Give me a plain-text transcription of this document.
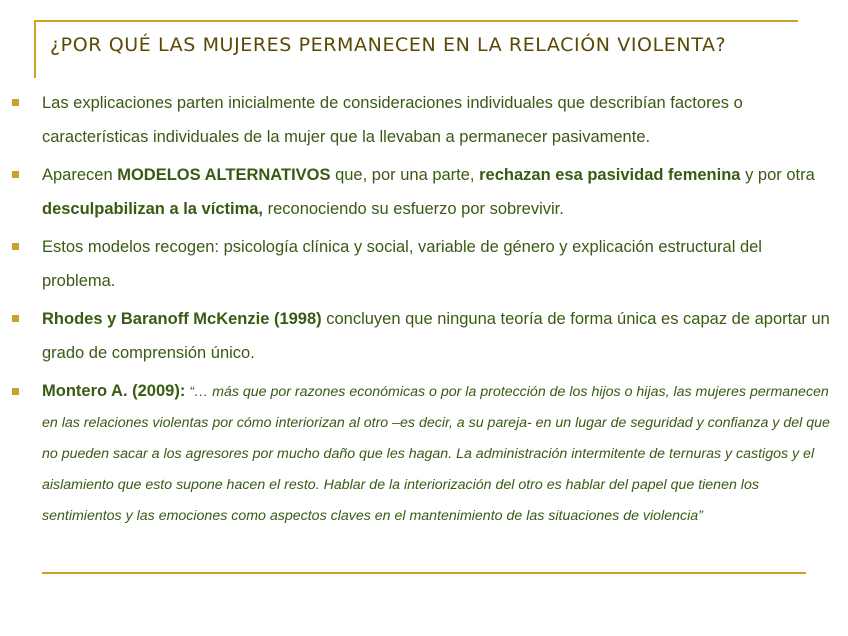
¿POR QUÉ LAS MUJERES PERMANECEN EN LA RELACIÓN VIOLENTA?
Las explicaciones parten inicialmente de consideraciones individuales que describían factores o características individuales de la mujer que la llevaban a permanecer pasivamente.
Aparecen MODELOS ALTERNATIVOS que, por una parte, rechazan esa pasividad femenina y por otra desculpabilizan a la víctima, reconociendo su esfuerzo por sobrevivir.
Estos modelos recogen: psicología clínica y social, variable de género y explicación estructural del problema.
Rhodes y Baranoff McKenzie (1998) concluyen que ninguna teoría de forma única es capaz de aportar un grado de comprensión único.
Montero A. (2009): “… más que por razones económicas o por la protección de los hijos o hijas, las mujeres permanecen en las relaciones violentas por cómo interiorizan al otro –es decir, a su pareja- en un lugar de seguridad y confianza y del que no pueden sacar a los agresores por mucho daño que les hagan. La administración intermitente de ternuras y castigos y el aislamiento que esto supone hacen el resto. Hablar de la interiorización del otro es hablar del papel que tienen los sentimientos y las emociones como aspectos claves en el mantenimiento de las situaciones de violencia”
